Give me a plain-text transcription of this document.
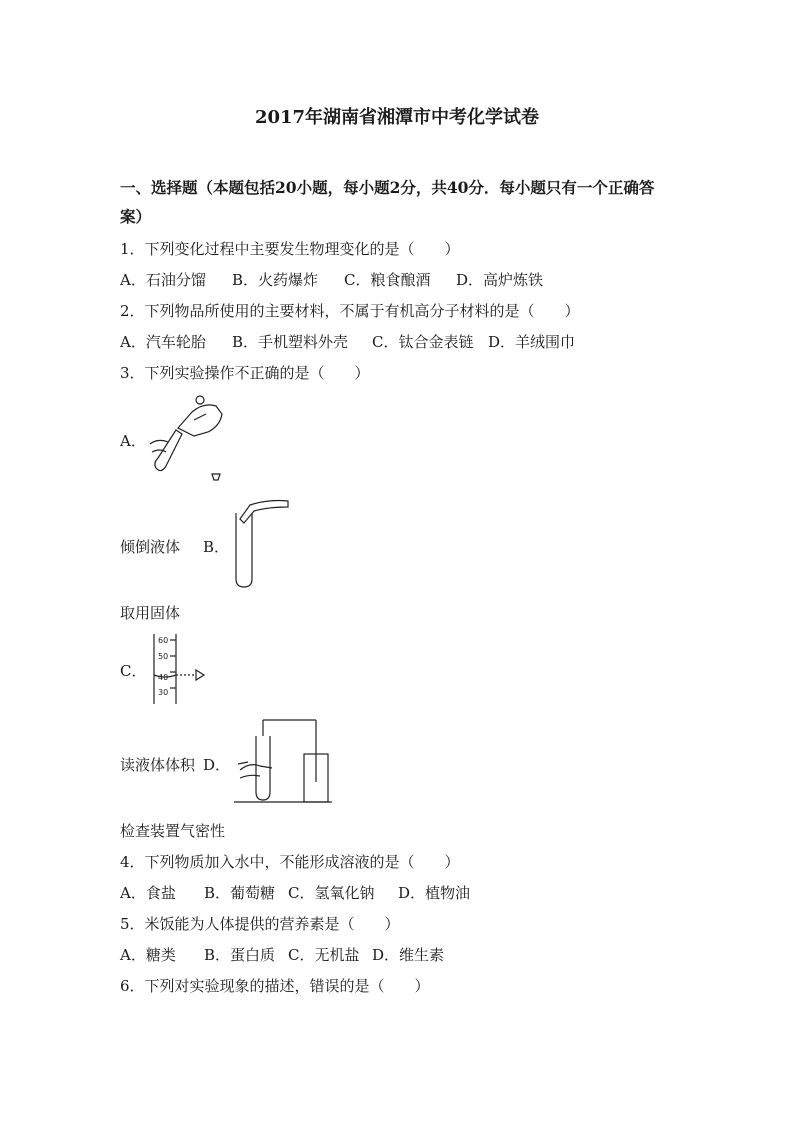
2017年湖南省湘潭市中考化学试卷
一、选择题（本题包括20小题，每小题2分，共40分．每小题只有一个正确答
案）
1．下列变化过程中主要发生物理变化的是（　　）
A．石油分馏 B．火药爆炸 C．粮食酿酒 D．高炉炼铁
2．下列物品所使用的主要材料，不属于有机高分子材料的是（　　）
A．汽车轮胎 B．手机塑料外壳 C．钛合金表链 D．羊绒围巾
3．下列实验操作不正确的是（　　）
A．
倾倒液体 B．
取用固体
C．
60
50
40
30
读液体体积 D．
检查装置气密性
4．下列物质加入水中，不能形成溶液的是（　　）
A．食盐 B．葡萄糖 C．氢氧化钠 D．植物油
5．米饭能为人体提供的营养素是（　　）
A．糖类 B．蛋白质 C．无机盐 D．维生素
6．下列对实验现象的描述，错误的是（　　）
